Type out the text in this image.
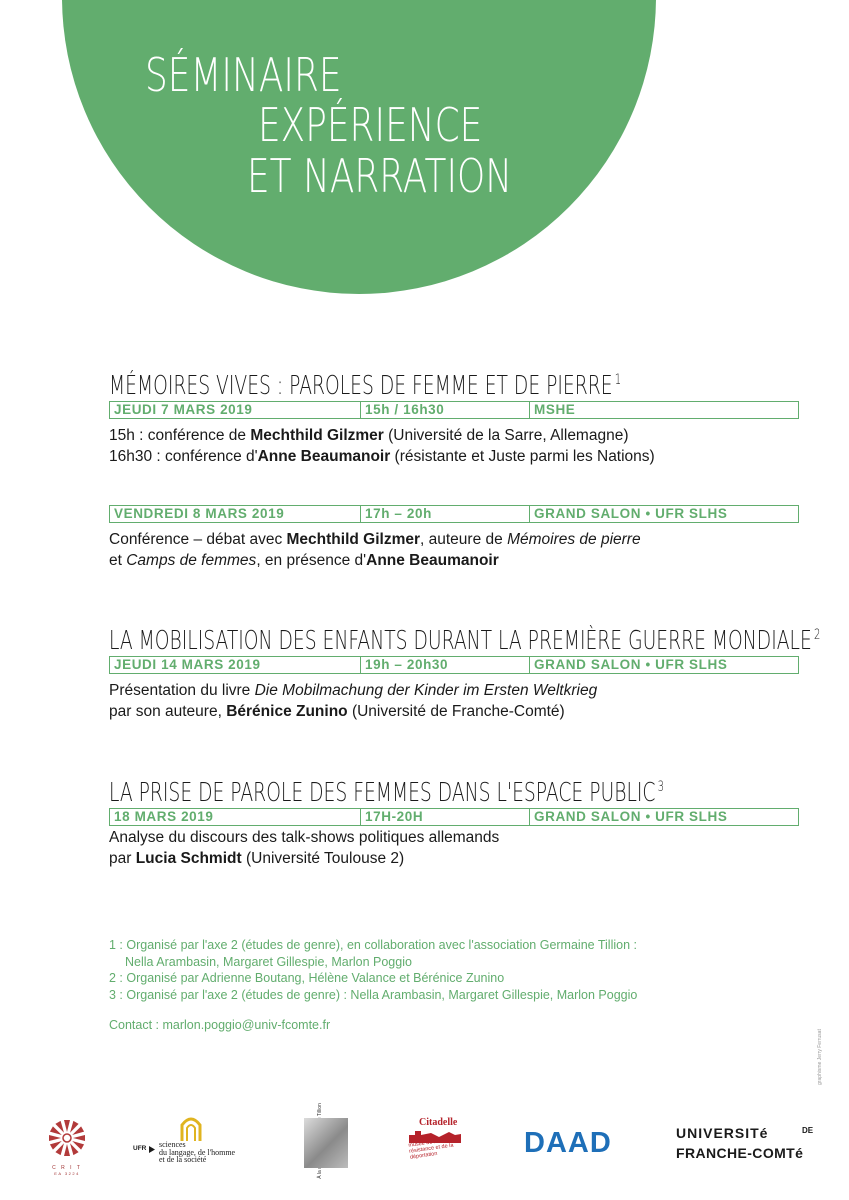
SÉMINAIRE
EXPÉRIENCE
ET NARRATION
MÉMOIRES VIVES : PAROLES DE FEMME ET DE PIERRE $^1$
JEUDI 7 MARS 2019	15h / 16h30	MSHE
15h : conférence de Mechthild Gilzmer (Université de la Sarre, Allemagne)
16h30 : conférence d'Anne Beaumanoir (résistante et Juste parmi les Nations)
VENDREDI 8 MARS 2019	17h – 20h	GRAND SALON • UFR SLHS
Conférence – débat avec Mechthild Gilzmer, auteure de Mémoires de pierre
et Camps de femmes, en présence d'Anne Beaumanoir
LA MOBILISATION DES ENFANTS DURANT LA PREMIÈRE GUERRE MONDIALE $^2$
JEUDI 14 MARS 2019	19h – 20h30	GRAND SALON • UFR SLHS
Présentation du livre Die Mobilmachung der Kinder im Ersten Weltkrieg
par son auteure, Bérénice Zunino (Université de Franche-Comté)
LA PRISE DE PAROLE DES FEMMES DANS L'ESPACE PUBLIC $^3$
18 MARS 2019	17H-20H	GRAND SALON • UFR SLHS
Analyse du discours des talk-shows politiques allemands
par Lucia Schmidt (Université Toulouse 2)
1 : Organisé par l'axe 2 (études de genre), en collaboration avec l'association Germaine Tillion :
Nella Arambasin, Margaret Gillespie, Marlon Poggio
2 : Organisé par Adrienne Boutang, Hélène Valance et Bérénice Zunino
3 : Organisé par l'axe 2 (études de genre) : Nella Arambasin, Margaret Gillespie, Marlon Poggio
Contact : marlon.poggio@univ-fcomte.fr
graphisme Jerry Ferrusat
C R I T
EA 3224
UFR sciences
du langage, de l'homme
et de la société
Citadelle
musée de la résistance et de la déportation	DAAD	UNIVERSITé	DE
FRANCHE-COMTé
